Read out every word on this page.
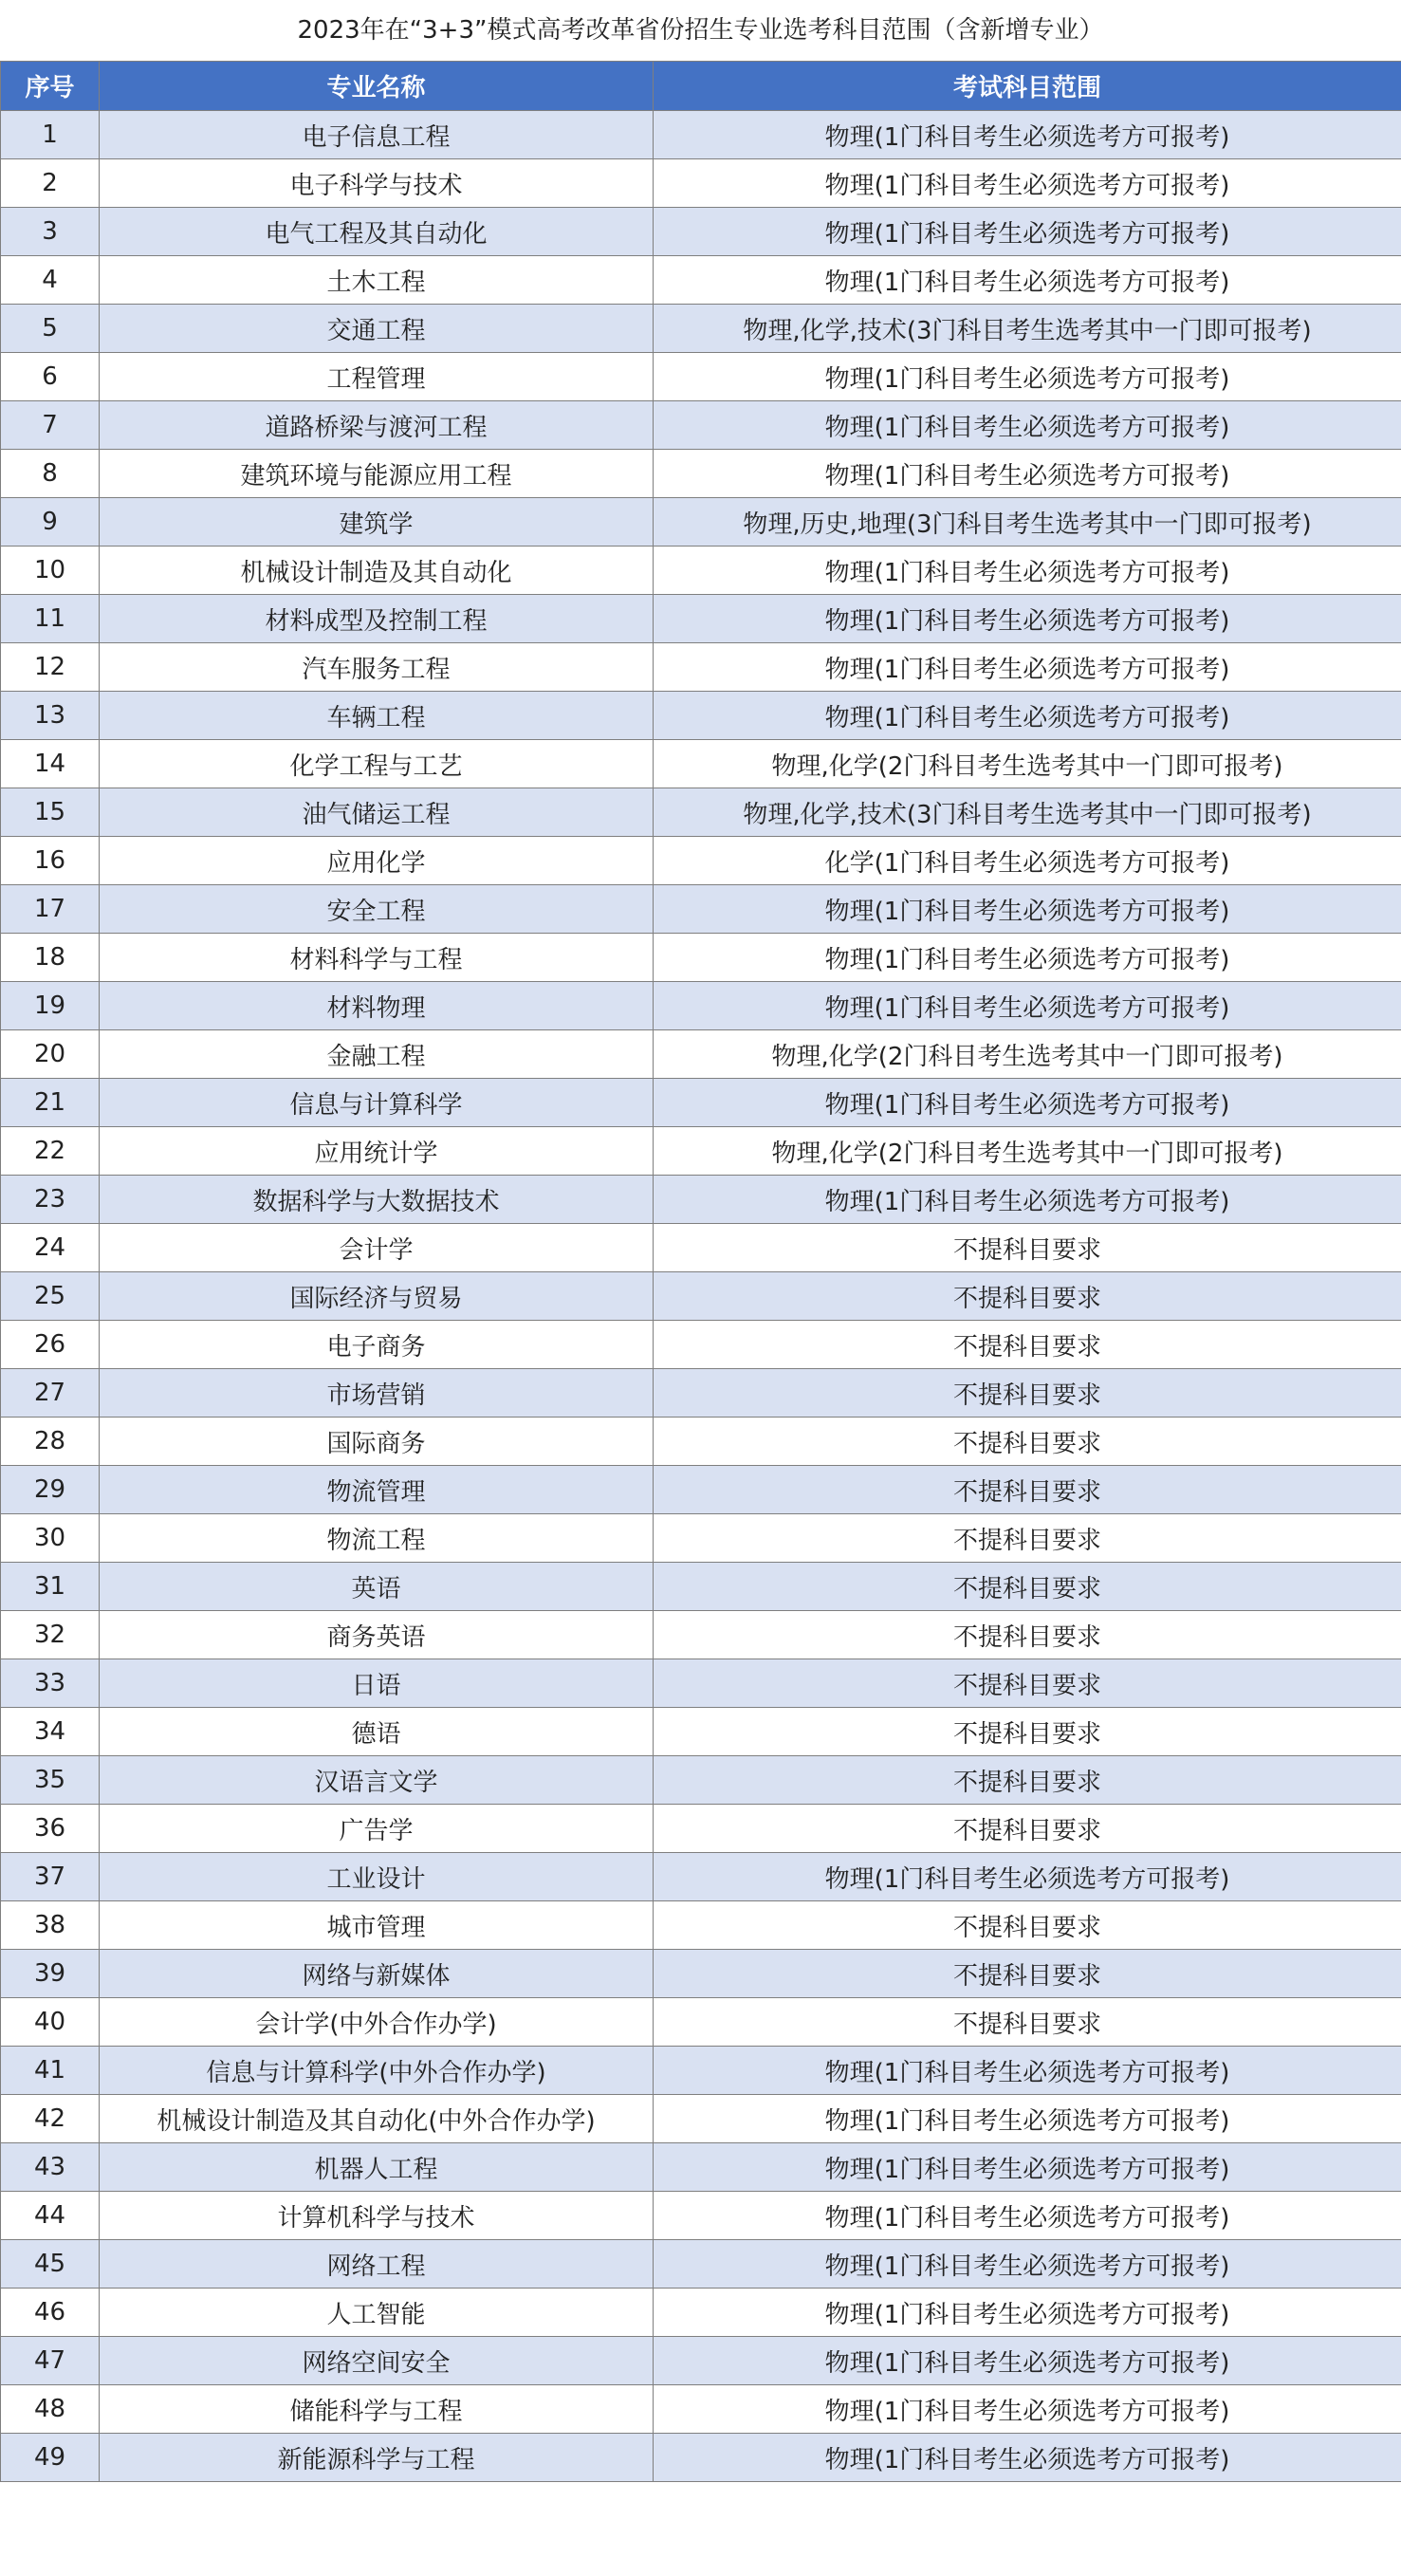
2023年在“3+3”模式高考改革省份招生专业选考科目范围（含新增专业）
序号	专业名称	考试科目范围
1	电子信息工程	物理(1门科目考生必须选考方可报考)
2	电子科学与技术	物理(1门科目考生必须选考方可报考)
3	电气工程及其自动化	物理(1门科目考生必须选考方可报考)
4	土木工程	物理(1门科目考生必须选考方可报考)
5	交通工程	物理,化学,技术(3门科目考生选考其中一门即可报考)
6	工程管理	物理(1门科目考生必须选考方可报考)
7	道路桥梁与渡河工程	物理(1门科目考生必须选考方可报考)
8	建筑环境与能源应用工程	物理(1门科目考生必须选考方可报考)
9	建筑学	物理,历史,地理(3门科目考生选考其中一门即可报考)
10	机械设计制造及其自动化	物理(1门科目考生必须选考方可报考)
11	材料成型及控制工程	物理(1门科目考生必须选考方可报考)
12	汽车服务工程	物理(1门科目考生必须选考方可报考)
13	车辆工程	物理(1门科目考生必须选考方可报考)
14	化学工程与工艺	物理,化学(2门科目考生选考其中一门即可报考)
15	油气储运工程	物理,化学,技术(3门科目考生选考其中一门即可报考)
16	应用化学	化学(1门科目考生必须选考方可报考)
17	安全工程	物理(1门科目考生必须选考方可报考)
18	材料科学与工程	物理(1门科目考生必须选考方可报考)
19	材料物理	物理(1门科目考生必须选考方可报考)
20	金融工程	物理,化学(2门科目考生选考其中一门即可报考)
21	信息与计算科学	物理(1门科目考生必须选考方可报考)
22	应用统计学	物理,化学(2门科目考生选考其中一门即可报考)
23	数据科学与大数据技术	物理(1门科目考生必须选考方可报考)
24	会计学	不提科目要求
25	国际经济与贸易	不提科目要求
26	电子商务	不提科目要求
27	市场营销	不提科目要求
28	国际商务	不提科目要求
29	物流管理	不提科目要求
30	物流工程	不提科目要求
31	英语	不提科目要求
32	商务英语	不提科目要求
33	日语	不提科目要求
34	德语	不提科目要求
35	汉语言文学	不提科目要求
36	广告学	不提科目要求
37	工业设计	物理(1门科目考生必须选考方可报考)
38	城市管理	不提科目要求
39	网络与新媒体	不提科目要求
40	会计学(中外合作办学)	不提科目要求
41	信息与计算科学(中外合作办学)	物理(1门科目考生必须选考方可报考)
42	机械设计制造及其自动化(中外合作办学)	物理(1门科目考生必须选考方可报考)
43	机器人工程	物理(1门科目考生必须选考方可报考)
44	计算机科学与技术	物理(1门科目考生必须选考方可报考)
45	网络工程	物理(1门科目考生必须选考方可报考)
46	人工智能	物理(1门科目考生必须选考方可报考)
47	网络空间安全	物理(1门科目考生必须选考方可报考)
48	储能科学与工程	物理(1门科目考生必须选考方可报考)
49	新能源科学与工程	物理(1门科目考生必须选考方可报考)
